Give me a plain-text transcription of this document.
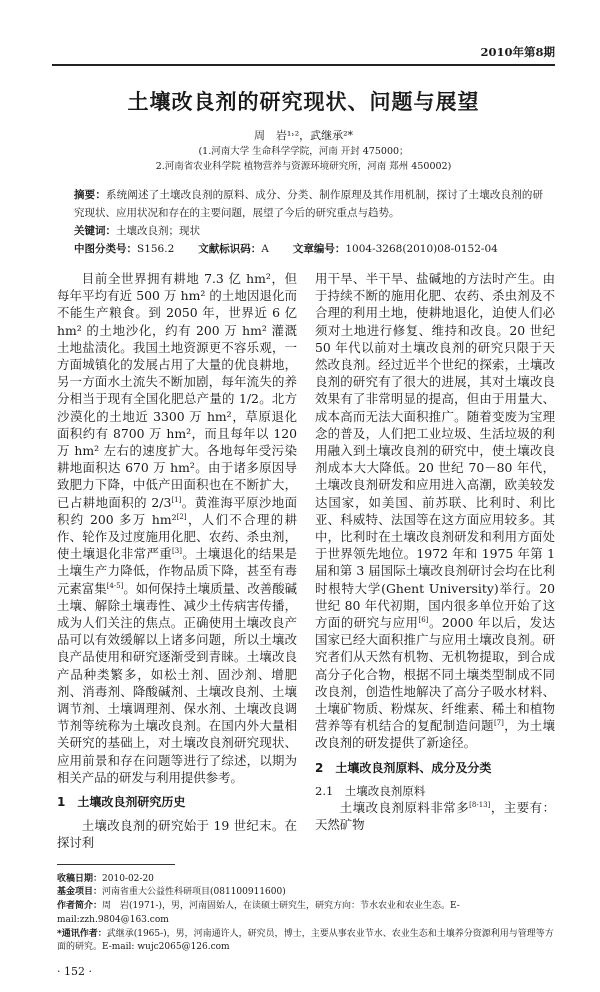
2010年第8期
土壤改良剂的研究现状、问题与展望
周　岩¹˒²，武继承²*
(1.河南大学 生命科学学院，河南 开封 475000；
2.河南省农业科学院 植物营养与资源环境研究所，河南 郑州 450002)
摘要：系统阐述了土壤改良剂的原料、成分、分类、制作原理及其作用机制，探讨了土壤改良剂的研究现状、应用状况和存在的主要问题，展望了今后的研究重点与趋势。
关键词：土壤改良剂；现状
中图分类号：S156.2 文献标识码：A 文章编号：1004-3268(2010)08-0152-04

目前全世界拥有耕地 7.3 亿 hm²，但每年平均有近 500 万 hm² 的土地因退化而不能生产粮食。到 2050 年，世界近 6 亿 hm² 的土地沙化，约有 200 万 hm² 灌溉土地盐渍化。我国土地资源更不容乐观，一方面城镇化的发展占用了大量的优良耕地，另一方面水土流失不断加剧，每年流失的养分相当于现有全国化肥总产量的 1/2。北方沙漠化的土地近 3300 万 hm²，草原退化面积约有 8700 万 hm²，而且每年以 120 万 hm² 左右的速度扩大。各地每年受污染耕地面积达 670 万 hm²。由于诸多原因导致肥力下降，中低产田面积也在不断扩大，已占耕地面积的 2/3[1]。黄淮海平原沙地面积约 200 多万 hm²[2]，人们不合理的耕作、轮作及过度施用化肥、农药、杀虫剂，使土壤退化非常严重[3]。土壤退化的结果是土壤生产力降低，作物品质下降，甚至有毒元素富集[4-5]。如何保持土壤质量、改善酸碱土壤、解除土壤毒性、减少土传病害传播，成为人们关注的焦点。正确使用土壤改良产品可以有效缓解以上诸多问题，所以土壤改良产品使用和研究逐渐受到青睐。土壤改良产品种类繁多，如松土剂、固沙剂、增肥剂、消毒剂、降酸碱剂、土壤改良剂、土壤调节剂、土壤调理剂、保水剂、土壤改良调节剂等统称为土壤改良剂。在国内外大量相关研究的基础上，对土壤改良剂研究现状、应用前景和存在问题等进行了综述，以期为相关产品的研发与利用提供参考。

1　土壤改良剂研究历史

土壤改良剂的研究始于 19 世纪末。在探讨利

用干旱、半干旱、盐碱地的方法时产生。由于持续不断的施用化肥、农药、杀虫剂及不合理的利用土地，使耕地退化，迫使人们必须对土地进行修复、维持和改良。20 世纪 50 年代以前对土壤改良剂的研究只限于天然改良剂。经过近半个世纪的探索，土壤改良剂的研究有了很大的进展，其对土壤改良效果有了非常明显的提高，但由于用量大、成本高而无法大面积推广。随着变废为宝理念的普及，人们把工业垃圾、生活垃圾的利用融入到土壤改良剂的研究中，使土壤改良剂成本大大降低。20 世纪 70－80 年代，土壤改良剂研发和应用进入高潮，欧美较发达国家，如美国、前苏联、比利时、利比亚、科威特、法国等在这方面应用较多。其中，比利时在土壤改良剂研发和利用方面处于世界领先地位。1972 年和 1975 年第 1 届和第 3 届国际土壤改良剂研讨会均在比利时根特大学(Ghent University)举行。20 世纪 80 年代初期，国内很多单位开始了这方面的研究与应用[6]。2000 年以后，发达国家已经大面积推广与应用土壤改良剂。研究者们从天然有机物、无机物提取，到合成高分子化合物，根据不同土壤类型制成不同改良剂，创造性地解决了高分子吸水材料、土壤矿物质、粉煤灰、纤维素、稀土和植物营养等有机结合的复配制造问题[7]，为土壤改良剂的研发提供了新途径。

2　土壤改良剂原料、成分及分类
2.1　土壤改良剂原料

土壤改良剂原料非常多[8-13]，主要有：天然矿物

收稿日期：2010-02-20
基金项目：河南省重大公益性科研项目(081100911600)
作者简介：周　岩(1971-)，男，河南固始人，在读硕士研究生，研究方向：节水农业和农业生态。E-mail:zzh.9804@163.com
*通讯作者：武继承(1965-)，男，河南通许人，研究员，博士，主要从事农业节水、农业生态和土壤养分资源利用与管理等方面的研究。E-mail: wujc2065@126.com
· 152 ·
